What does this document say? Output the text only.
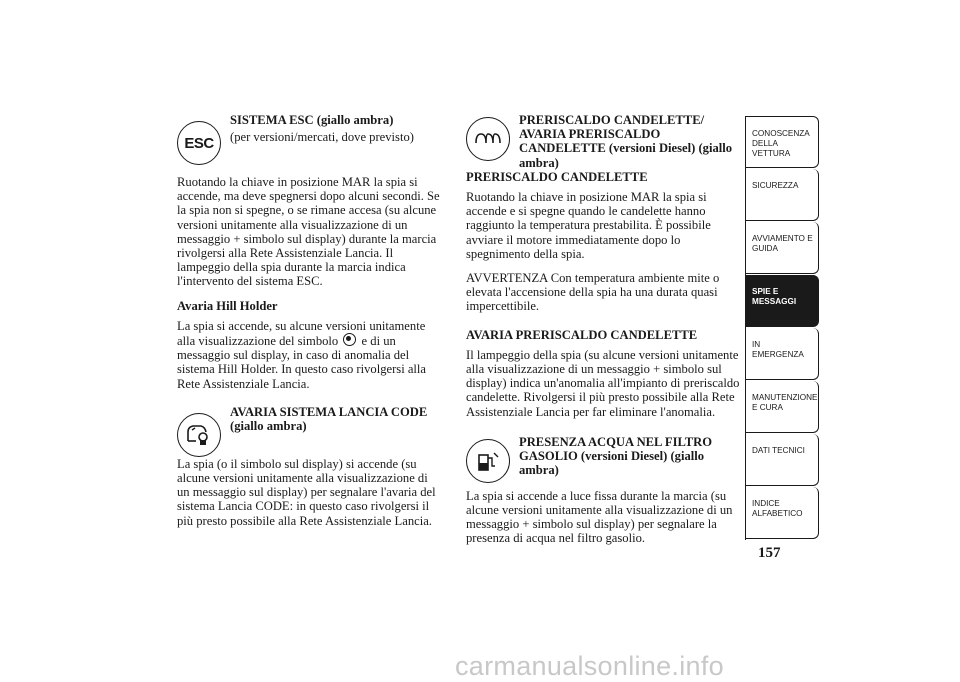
ESC

SISTEMA ESC (giallo ambra)

(per versioni/mercati, dove previsto)

Ruotando la chiave in posizione MAR la spia si accende, ma deve spegnersi dopo alcuni secondi. Se la spia non si spegne, o se rimane accesa (su alcune versioni unitamente alla visualizzazione di un messaggio + simbolo sul display) durante la marcia rivolgersi alla Rete Assistenziale Lancia. Il lampeggio della spia durante la marcia indica l'intervento del sistema ESC.

Avaria Hill Holder

La spia si accende, su alcune versioni unitamente alla visualizzazione del simbolo e di un messaggio sul display, in caso di anomalia del sistema Hill Holder. In questo caso rivolgersi alla Rete Assistenziale Lancia.

AVARIA SISTEMA LANCIA CODE (giallo ambra)

La spia (o il simbolo sul display) si accende (su alcune versioni unitamente alla visualizzazione di un messaggio sul display) per segnalare l'avaria del sistema Lancia CODE: in questo caso rivolgersi il più presto possibile alla Rete Assistenziale Lancia.

PRERISCALDO CANDELETTE/ AVARIA PRERISCALDO CANDELETTE (versioni Diesel) (giallo ambra)

PRERISCALDO CANDELETTE

Ruotando la chiave in posizione MAR la spia si accende e si spegne quando le candelette hanno raggiunto la temperatura prestabilita. È possibile avviare il motore immediatamente dopo lo spegnimento della spia.

AVVERTENZA Con temperatura ambiente mite o elevata l'accensione della spia ha una durata quasi impercettibile.

AVARIA PRERISCALDO CANDELETTE

Il lampeggio della spia (su alcune versioni unitamente alla visualizzazione di un messaggio + simbolo sul display) indica un'anomalia all'impianto di preriscaldo candelette. Rivolgersi il più presto possibile alla Rete Assistenziale Lancia per far eliminare l'anomalia.

PRESENZA ACQUA NEL FILTRO GASOLIO (versioni Diesel) (giallo ambra)

La spia si accende a luce fissa durante la marcia (su alcune versioni unitamente alla visualizzazione di un messaggio + simbolo sul display) per segnalare la presenza di acqua nel filtro gasolio.

CONOSCENZA DELLA VETTURA
SICUREZZA
AVVIAMENTO E GUIDA
SPIE E MESSAGGI
IN EMERGENZA
MANUTENZIONE E CURA
DATI TECNICI
INDICE ALFABETICO
157
carmanualsonline.info
